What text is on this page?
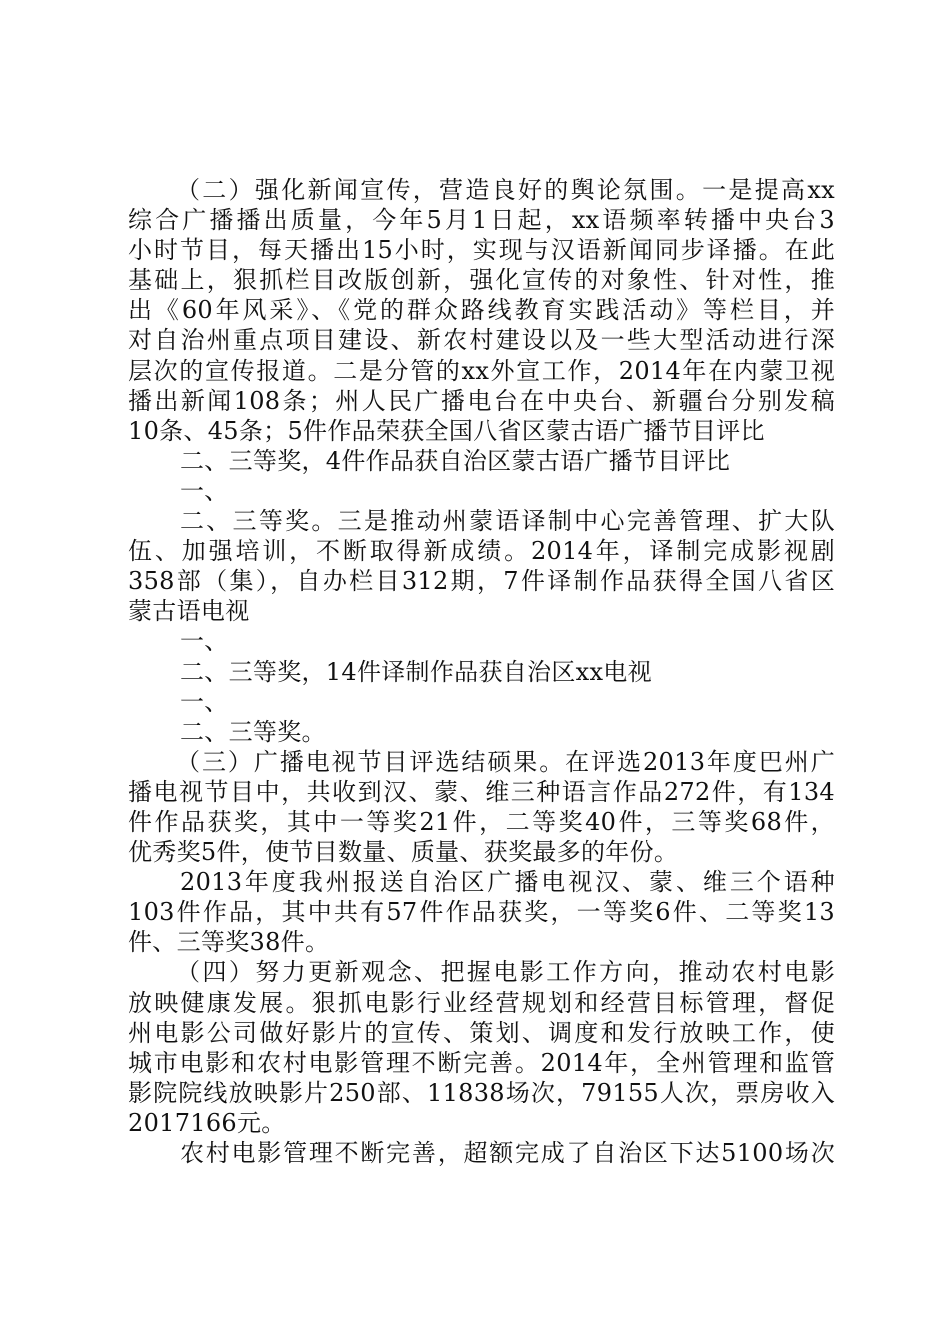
（二）强化新闻宣传，营造良好的舆论氛围。一是提高xx
综合广播播出质量，今年5月1日起，xx语频率转播中央台3
小时节目，每天播出15小时，实现与汉语新闻同步译播。在此
基础上，狠抓栏目改版创新，强化宣传的对象性、针对性，推
出《60年风采》、《党的群众路线教育实践活动》等栏目，并
对自治州重点项目建设、新农村建设以及一些大型活动进行深
层次的宣传报道。二是分管的xx外宣工作，2014年在内蒙卫视
播出新闻108条；州人民广播电台在中央台、新疆台分别发稿
10条、45条；5件作品荣获全国八省区蒙古语广播节目评比
二、三等奖，4件作品获自治区蒙古语广播节目评比
一、
二、三等奖。三是推动州蒙语译制中心完善管理、扩大队
伍、加强培训，不断取得新成绩。2014年，译制完成影视剧
358部（集），自办栏目312期，7件译制作品获得全国八省区
蒙古语电视
一、
二、三等奖，14件译制作品获自治区xx电视
一、
二、三等奖。
（三）广播电视节目评选结硕果。在评选2013年度巴州广
播电视节目中，共收到汉、蒙、维三种语言作品272件，有134
件作品获奖，其中一等奖21件，二等奖40件，三等奖68件，
优秀奖5件，使节目数量、质量、获奖最多的年份。
2013年度我州报送自治区广播电视汉、蒙、维三个语种
103件作品，其中共有57件作品获奖，一等奖6件、二等奖13
件、三等奖38件。
（四）努力更新观念、把握电影工作方向，推动农村电影
放映健康发展。狠抓电影行业经营规划和经营目标管理，督促
州电影公司做好影片的宣传、策划、调度和发行放映工作，使
城市电影和农村电影管理不断完善。2014年，全州管理和监管
影院院线放映影片250部、11838场次，79155人次，票房收入
2017166元。
农村电影管理不断完善，超额完成了自治区下达5100场次
